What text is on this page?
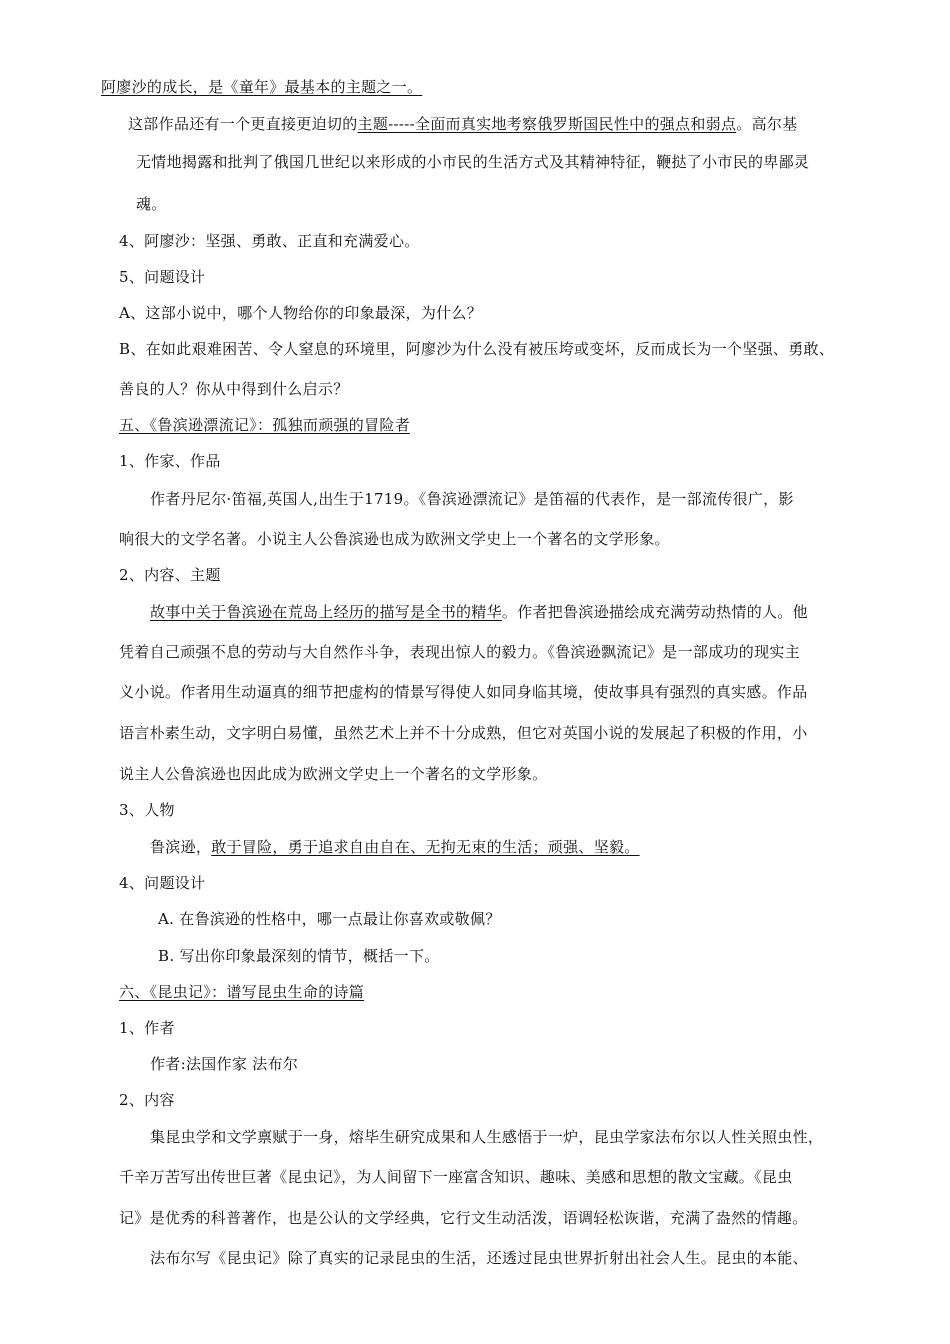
阿廖沙的成长，是《童年》最基本的主题之一。
这部作品还有一个更直接更迫切的主题-----全面而真实地考察俄罗斯国民性中的强点和弱点。高尔基
无情地揭露和批判了俄国几世纪以来形成的小市民的生活方式及其精神特征，鞭挞了小市民的卑鄙灵
魂。
4、阿廖沙：坚强、勇敢、正直和充满爱心。
5、问题设计
A、这部小说中，哪个人物给你的印象最深，为什么？
B、在如此艰难困苦、令人窒息的环境里，阿廖沙为什么没有被压垮或变坏，反而成长为一个坚强、勇敢、
善良的人？你从中得到什么启示？
五、《鲁滨逊漂流记》：孤独而顽强的冒险者
1、作家、作品
作者丹尼尔·笛福,英国人,出生于1719。《鲁滨逊漂流记》是笛福的代表作，是一部流传很广，影
响很大的文学名著。小说主人公鲁滨逊也成为欧洲文学史上一个著名的文学形象。
2、内容、主题
故事中关于鲁滨逊在荒岛上经历的描写是全书的精华。作者把鲁滨逊描绘成充满劳动热情的人。他
凭着自己顽强不息的劳动与大自然作斗争，表现出惊人的毅力。《鲁滨逊飘流记》是一部成功的现实主
义小说。作者用生动逼真的细节把虚构的情景写得使人如同身临其境，使故事具有强烈的真实感。作品
语言朴素生动，文字明白易懂，虽然艺术上并不十分成熟，但它对英国小说的发展起了积极的作用，小
说主人公鲁滨逊也因此成为欧洲文学史上一个著名的文学形象。
3、人物
鲁滨逊，敢于冒险，勇于追求自由自在、无拘无束的生活；顽强、坚毅。
4、问题设计
A. 在鲁滨逊的性格中，哪一点最让你喜欢或敬佩？
B. 写出你印象最深刻的情节，概括一下。
六、《昆虫记》：谱写昆虫生命的诗篇
1、作者
作者:法国作家 法布尔
2、内容
集昆虫学和文学禀赋于一身，熔毕生研究成果和人生感悟于一炉，昆虫学家法布尔以人性关照虫性，
千辛万苦写出传世巨著《昆虫记》，为人间留下一座富含知识、趣味、美感和思想的散文宝藏。《昆虫
记》是优秀的科普著作，也是公认的文学经典，它行文生动活泼，语调轻松诙谐，充满了盎然的情趣。
法布尔写《昆虫记》除了真实的记录昆虫的生活，还透过昆虫世界折射出社会人生。昆虫的本能、
